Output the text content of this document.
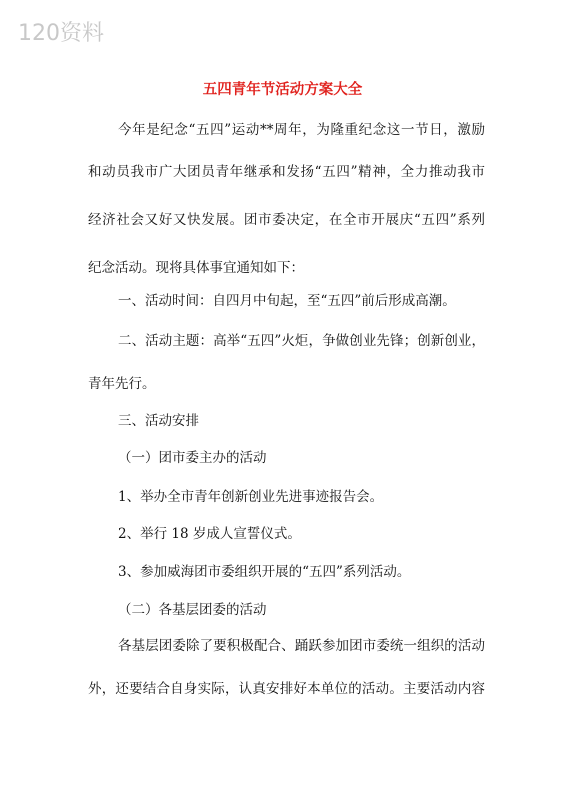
120资料
五四青年节活动方案大全
今年是纪念“五四”运动**周年，为隆重纪念这一节日，激励
和动员我市广大团员青年继承和发扬“五四”精神，全力推动我市
经济社会又好又快发展。团市委决定，在全市开展庆“五四”系列
纪念活动。现将具体事宜通知如下：
一、活动时间：自四月中旬起，至“五四”前后形成高潮。
二、活动主题：高举“五四”火炬，争做创业先锋；创新创业，
青年先行。
三、活动安排
（一）团市委主办的活动
1、举办全市青年创新创业先进事迹报告会。
2、举行 18 岁成人宣誓仪式。
3、参加威海团市委组织开展的“五四”系列活动。
（二）各基层团委的活动
各基层团委除了要积极配合、踊跃参加团市委统一组织的活动
外，还要结合自身实际，认真安排好本单位的活动。主要活动内容
